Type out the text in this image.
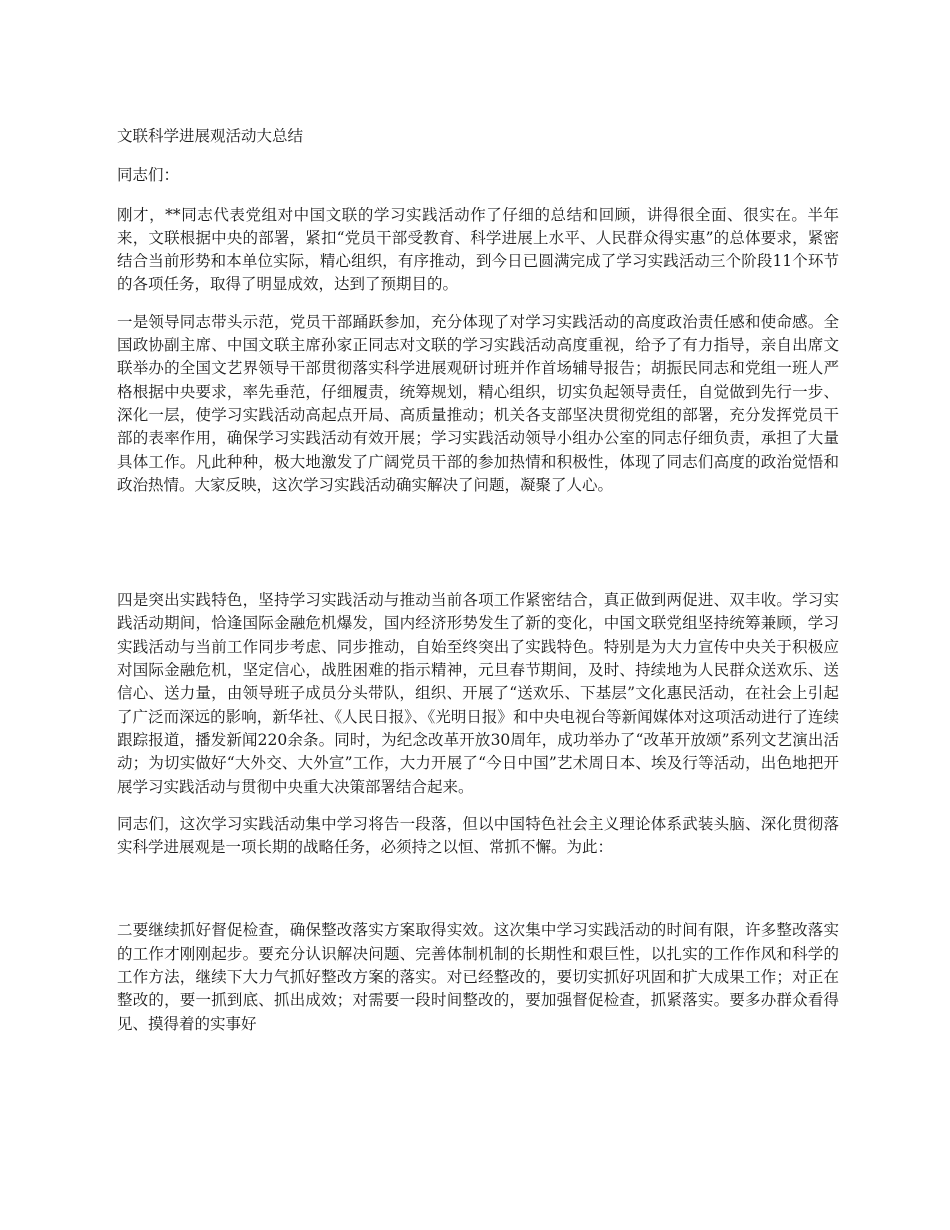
文联科学进展观活动大总结
同志们：

刚才，**同志代表党组对中国文联的学习实践活动作了仔细的总结和回顾，讲得很全面、很实在。半年来，文联根据中央的部署，紧扣“党员干部受教育、科学进展上水平、人民群众得实惠”的总体要求，紧密结合当前形势和本单位实际，精心组织，有序推动，到今日已圆满完成了学习实践活动三个阶段11个环节的各项任务，取得了明显成效，达到了预期目的。

一是领导同志带头示范，党员干部踊跃参加，充分体现了对学习实践活动的高度政治责任感和使命感。全国政协副主席、中国文联主席孙家正同志对文联的学习实践活动高度重视，给予了有力指导，亲自出席文联举办的全国文艺界领导干部贯彻落实科学进展观研讨班并作首场辅导报告；胡振民同志和党组一班人严格根据中央要求，率先垂范，仔细履责，统筹规划，精心组织，切实负起领导责任，自觉做到先行一步、深化一层，使学习实践活动高起点开局、高质量推动；机关各支部坚决贯彻党组的部署，充分发挥党员干部的表率作用，确保学习实践活动有效开展；学习实践活动领导小组办公室的同志仔细负责，承担了大量具体工作。凡此种种，极大地激发了广阔党员干部的参加热情和积极性，体现了同志们高度的政治觉悟和政治热情。大家反映，这次学习实践活动确实解决了问题，凝聚了人心。

四是突出实践特色，坚持学习实践活动与推动当前各项工作紧密结合，真正做到两促进、双丰收。学习实践活动期间，恰逢国际金融危机爆发，国内经济形势发生了新的变化，中国文联党组坚持统筹兼顾，学习实践活动与当前工作同步考虑、同步推动，自始至终突出了实践特色。特别是为大力宣传中央关于积极应对国际金融危机，坚定信心，战胜困难的指示精神，元旦春节期间，及时、持续地为人民群众送欢乐、送信心、送力量，由领导班子成员分头带队，组织、开展了“送欢乐、下基层”文化惠民活动，在社会上引起了广泛而深远的影响，新华社、《人民日报》、《光明日报》和中央电视台等新闻媒体对这项活动进行了连续跟踪报道，播发新闻220余条。同时，为纪念改革开放30周年，成功举办了“改革开放颂”系列文艺演出活动；为切实做好“大外交、大外宣”工作，大力开展了“今日中国”艺术周日本、埃及行等活动，出色地把开展学习实践活动与贯彻中央重大决策部署结合起来。

同志们，这次学习实践活动集中学习将告一段落，但以中国特色社会主义理论体系武装头脑、深化贯彻落实科学进展观是一项长期的战略任务，必须持之以恒、常抓不懈。为此：

二要继续抓好督促检查，确保整改落实方案取得实效。这次集中学习实践活动的时间有限，许多整改落实的工作才刚刚起步。要充分认识解决问题、完善体制机制的长期性和艰巨性，以扎实的工作作风和科学的工作方法，继续下大力气抓好整改方案的落实。对已经整改的，要切实抓好巩固和扩大成果工作；对正在整改的，要一抓到底、抓出成效；对需要一段时间整改的，要加强督促检查，抓紧落实。要多办群众看得见、摸得着的实事好
